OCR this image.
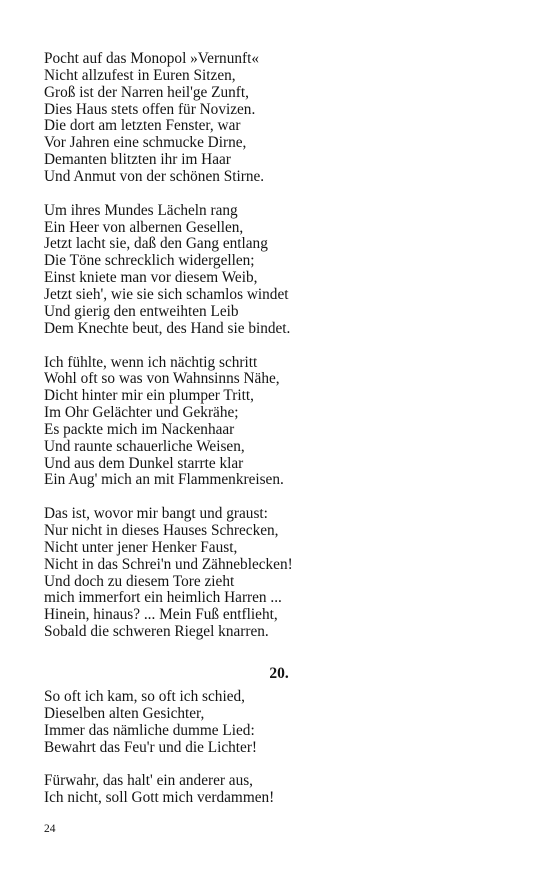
Pocht auf das Monopol »Vernunft«
Nicht allzufest in Euren Sitzen,
Groß ist der Narren heil'ge Zunft,
Dies Haus stets offen für Novizen.
Die dort am letzten Fenster, war
Vor Jahren eine schmucke Dirne,
Demanten blitzten ihr im Haar
Und Anmut von der schönen Stirne.
Um ihres Mundes Lächeln rang
Ein Heer von albernen Gesellen,
Jetzt lacht sie, daß den Gang entlang
Die Töne schrecklich widergellen;
Einst kniete man vor diesem Weib,
Jetzt sieh', wie sie sich schamlos windet
Und gierig den entweihten Leib
Dem Knechte beut, des Hand sie bindet.
Ich fühlte, wenn ich nächtig schritt
Wohl oft so was von Wahnsinns Nähe,
Dicht hinter mir ein plumper Tritt,
Im Ohr Gelächter und Gekrähe;
Es packte mich im Nackenhaar
Und raunte schauerliche Weisen,
Und aus dem Dunkel starrte klar
Ein Aug' mich an mit Flammenkreisen.
Das ist, wovor mir bangt und graust:
Nur nicht in dieses Hauses Schrecken,
Nicht unter jener Henker Faust,
Nicht in das Schrei'n und Zähneblecken!
Und doch zu diesem Tore zieht
mich immerfort ein heimlich Harren ...
Hinein, hinaus? ... Mein Fuß entflieht,
Sobald die schweren Riegel knarren.
20.
So oft ich kam, so oft ich schied,
Dieselben alten Gesichter,
Immer das nämliche dumme Lied:
Bewahrt das Feu'r und die Lichter!
Fürwahr, das halt' ein anderer aus,
Ich nicht, soll Gott mich verdammen!
24
